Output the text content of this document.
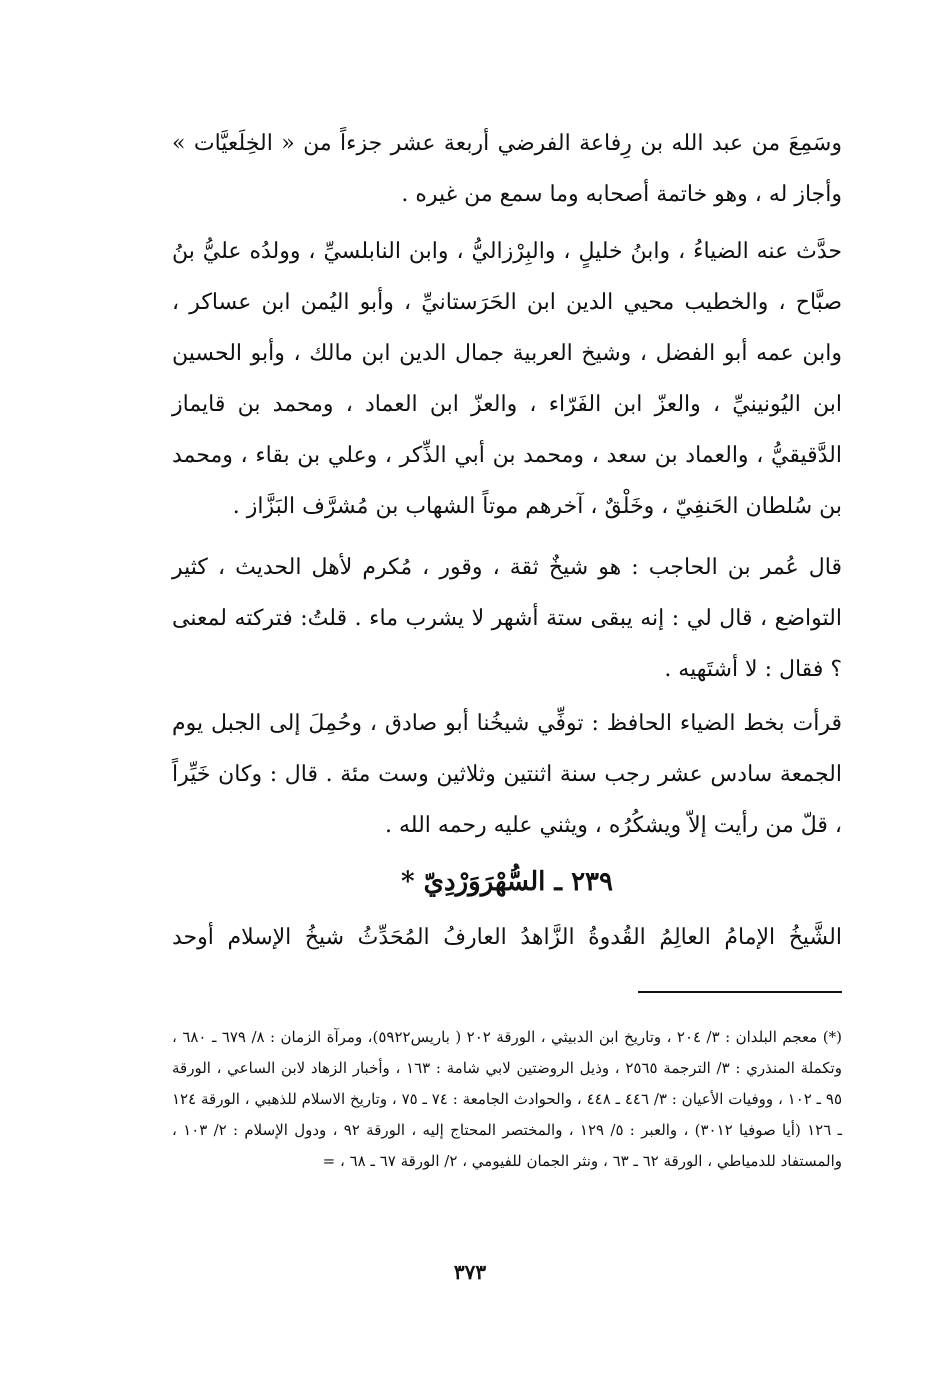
وسَمِعَ من عبد الله بن رِفاعة الفرضي أربعة عشر جزءاً من « الخِلَعيَّات » وأجاز له ، وهو خاتمة أصحابه وما سمع من غيره .

حدَّث عنه الضياءُ ، وابنُ خليلٍ ، والبِرْزاليُّ ، وابن النابلسيِّ ، وولدُه عليُّ بنُ صبَّاح ، والخطيب محيي الدين ابن الحَرَستانيِّ ، وأبو اليُمن ابن عساكر ، وابن عمه أبو الفضل ، وشيخ العربية جمال الدين ابن مالك ، وأبو الحسين ابن اليُونينيِّ ، والعزّ ابن الفَرّاء ، والعزّ ابن العماد ، ومحمد بن قايماز الدَّقيقيُّ ، والعماد بن سعد ، ومحمد بن أبي الذِّكر ، وعلي بن بقاء ، ومحمد بن سُلطان الحَنفِيّ ، وخَلْقٌ ، آخرهم موتاً الشهاب بن مُشرَّف البَزَّاز .

قال عُمر بن الحاجب : هو شيخٌ ثقة ، وقور ، مُكرم لأهل الحديث ، كثير التواضع ، قال لي : إنه يبقى ستة أشهر لا يشرب ماء . قلتُ: فتركته لمعنى ؟ فقال : لا أشتَهيه .

قرأت بخط الضياء الحافظ : توفِّي شيخُنا أبو صادق ، وحُمِلَ إلى الجبل يوم الجمعة سادس عشر رجب سنة اثنتين وثلاثين وست مئة . قال : وكان خَيِّراً ، قلّ من رأيت إلاّ ويشكُرُه ، ويثني عليه رحمه الله .

٢٣٩ ـ السُّهْرَوَرْدِيّ *

الشَّيخُ الإمامُ العالِمُ القُدوةُ الزَّاهدُ العارفُ المُحَدِّثُ شيخُ الإسلام أوحد

(*) معجم البلدان : ٣/ ٢٠٤ ، وتاريخ ابن الدبيثي ، الورقة ٢٠٢ ( باريس٥٩٢٢)، ومرآة الزمان : ٨/ ٦٧٩ ـ ٦٨٠ ، وتكملة المنذري : ٣/ الترجمة ٢٥٦٥ ، وذيل الروضتين لابي شامة : ١٦٣ ، وأخبار الزهاد لابن الساعي ، الورقة ٩٥ ـ ١٠٢ ، ووفيات الأعيان : ٣/ ٤٤٦ ـ ٤٤٨ ، والحوادث الجامعة : ٧٤ ـ ٧٥ ، وتاريخ الاسلام للذهبي ، الورقة ١٢٤ ـ ١٢٦ (أيا صوفيا ٣٠١٢) ، والعبر : ٥/ ١٢٩ ، والمختصر المحتاج إليه ، الورقة ٩٢ ، ودول الإسلام : ٢/ ١٠٣ ، والمستفاد للدمياطي ، الورقة ٦٢ ـ ٦٣ ، ونثر الجمان للفيومي ، ٢/ الورقة ٦٧ ـ ٦٨ ، =

٣٧٣
